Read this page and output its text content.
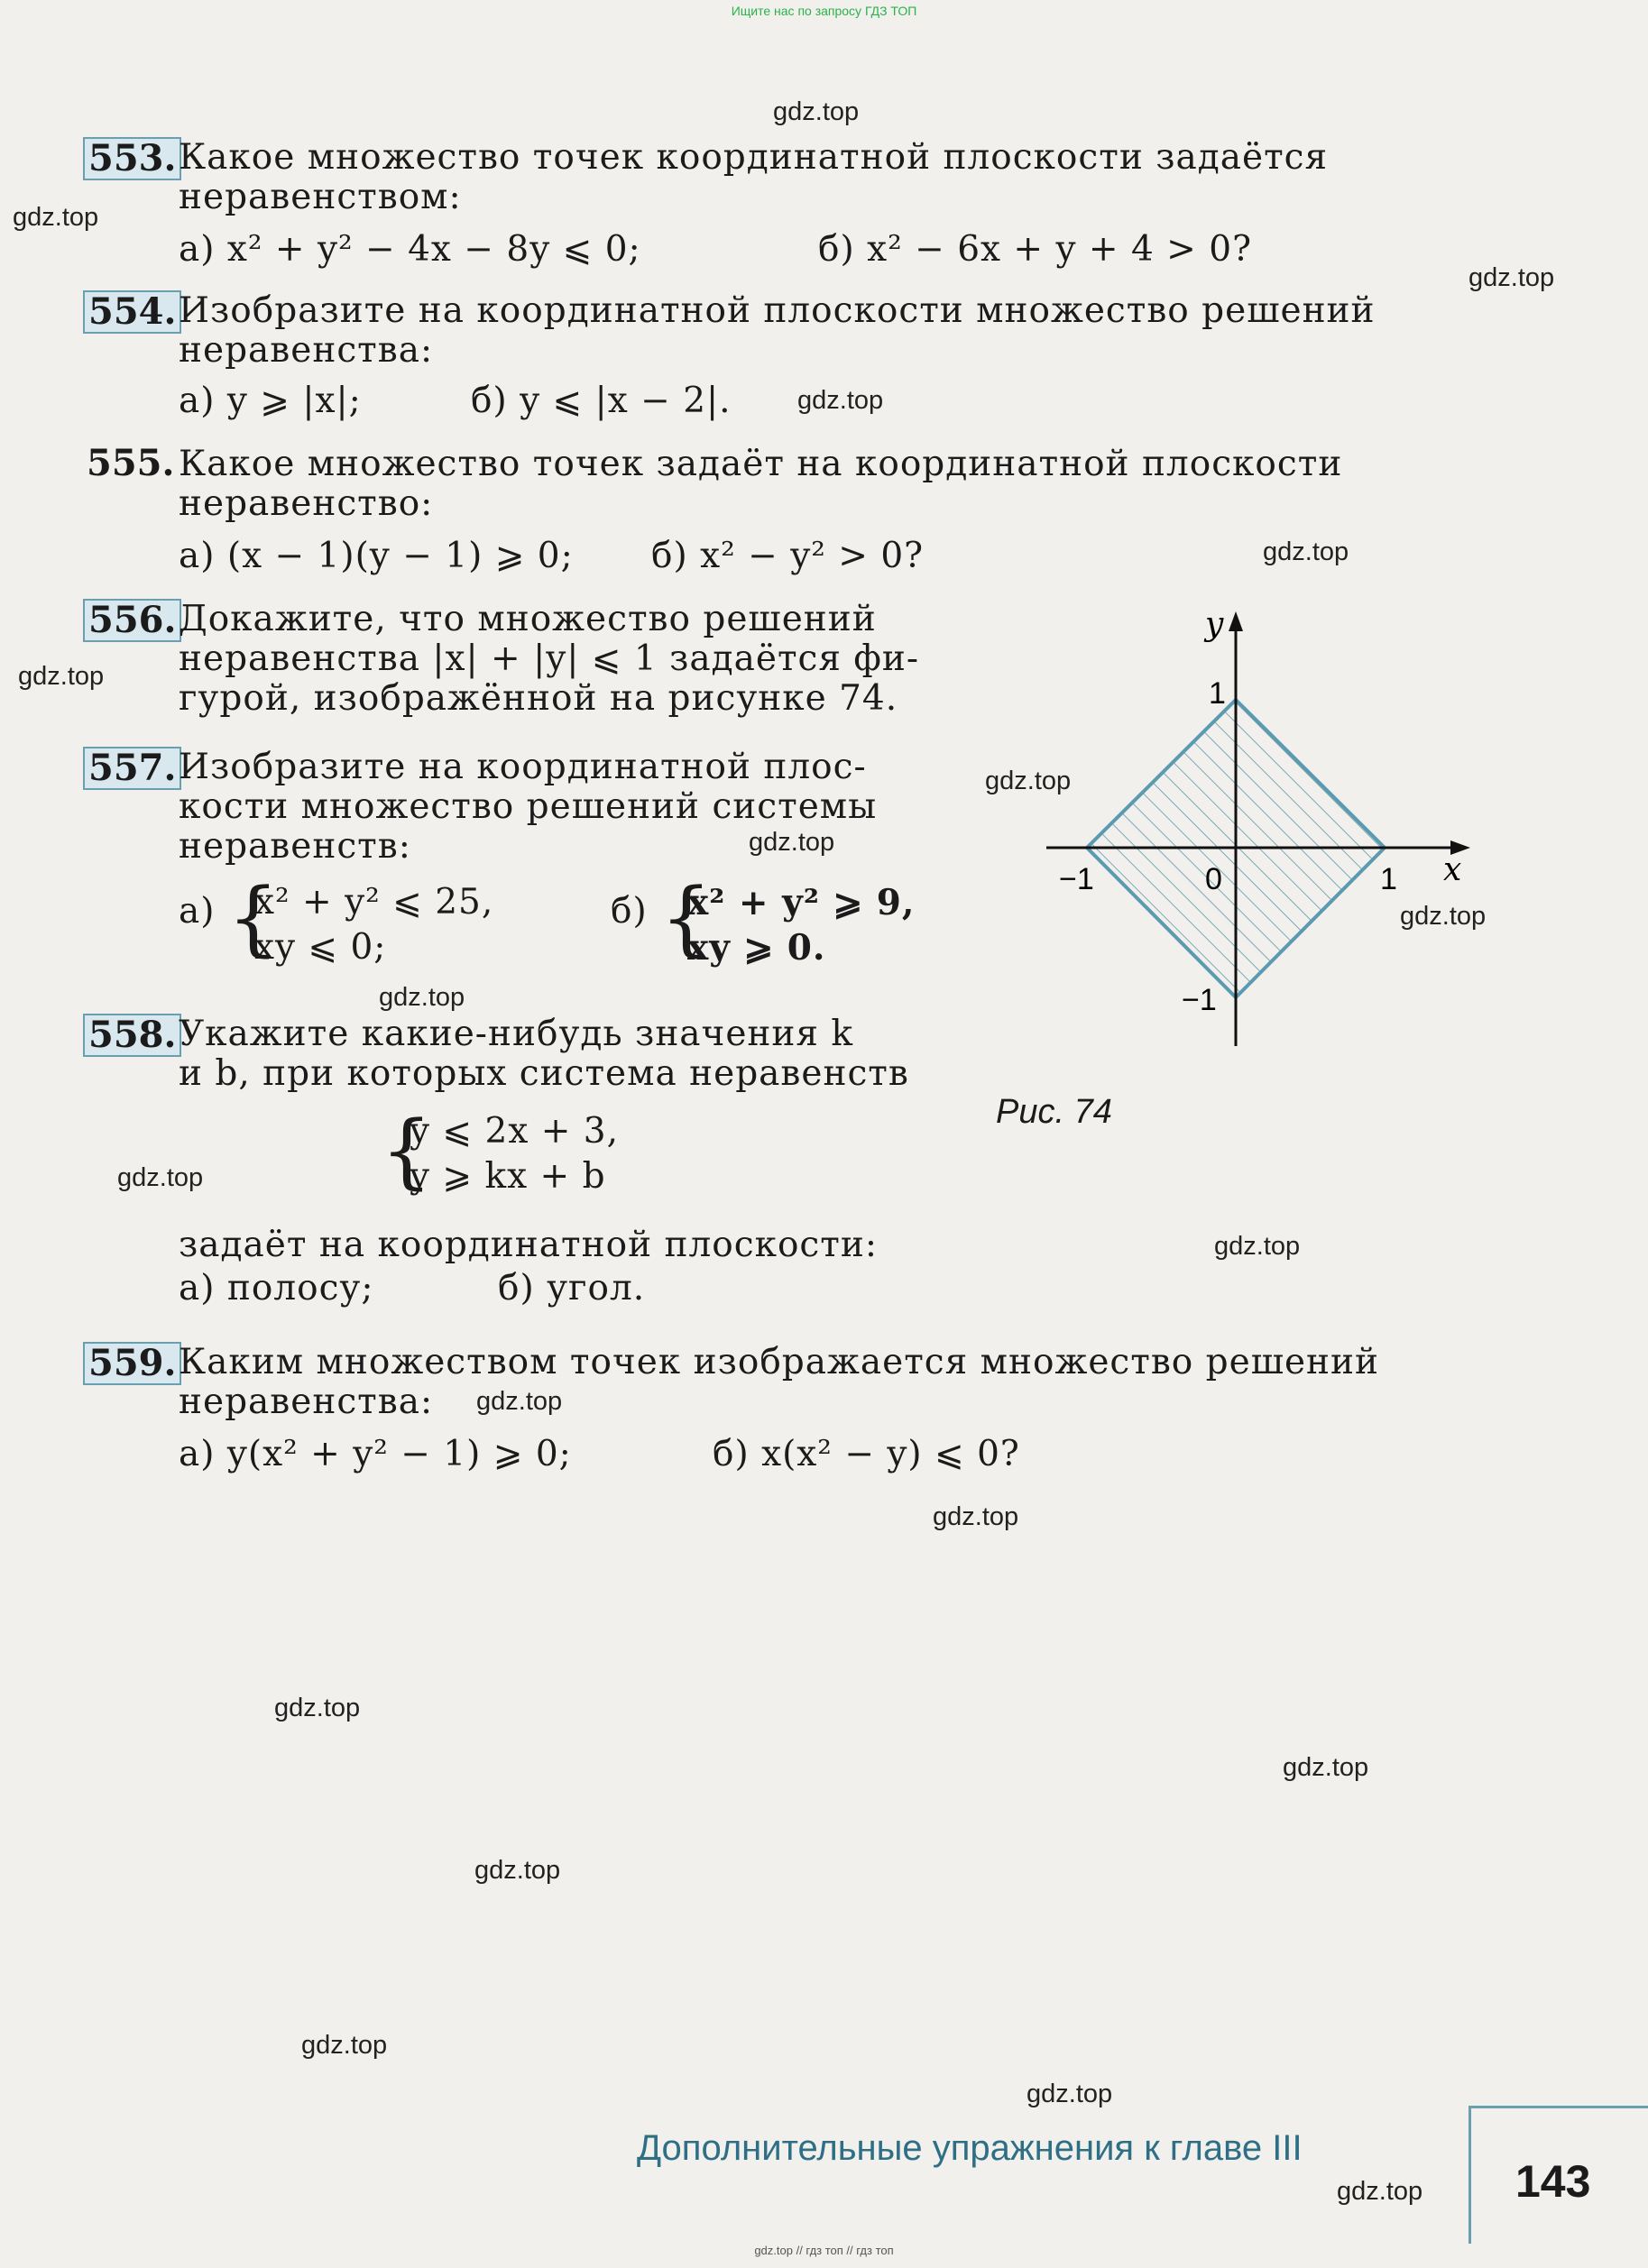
Ищите нас по запросу ГДЗ ТОП
553. Какое множество точек координатной плоскости задаётся
неравенством:
а) x² + y² − 4x − 8y ⩽ 0;	б) x² − 6x + y + 4 > 0?
554. Изобразите на координатной плоскости множество решений
неравенства:
а) y ⩾ |x|;	б) y ⩽ |x − 2|.
555. Какое множество точек задаёт на координатной плоскости
неравенство:
а) (x − 1)(y − 1) ⩾ 0; б) x² − y² > 0?
556. Докажите, что множество решений
неравенства |x| + |y| ⩽ 1 задаётся фи-
гурой, изображённой на рисунке 74.
557. Изобразите на координатной плос-
кости множество решений системы
неравенств:
а) {
x² + y² ⩽ 25,
xy ⩽ 0;
б) {
x² + y² ⩾ 9,
xy ⩾ 0.
558. Укажите какие-нибудь значения k
и b, при которых система неравенств
{
y ⩽ 2x + 3,
y ⩾ kx + b
задаёт на координатной плоскости:
а) полосу;	б) угол.
559. Каким множеством точек изображается множество решений
неравенства:
а) y(x² + y² − 1) ⩾ 0;	б) x(x² − y) ⩽ 0?
x
y
1
−1
1
−1
0
Рис. 74
gdz.top
gdz.top
gdz.top
gdz.top
gdz.top
gdz.top
gdz.top
gdz.top
gdz.top
gdz.top
gdz.top
gdz.top
gdz.top
gdz.top
gdz.top
gdz.top
gdz.top
gdz.top
gdz.top
gdz.top
Дополнительные упражнения к главе III
143
gdz.top // гдз топ // гдз топ
